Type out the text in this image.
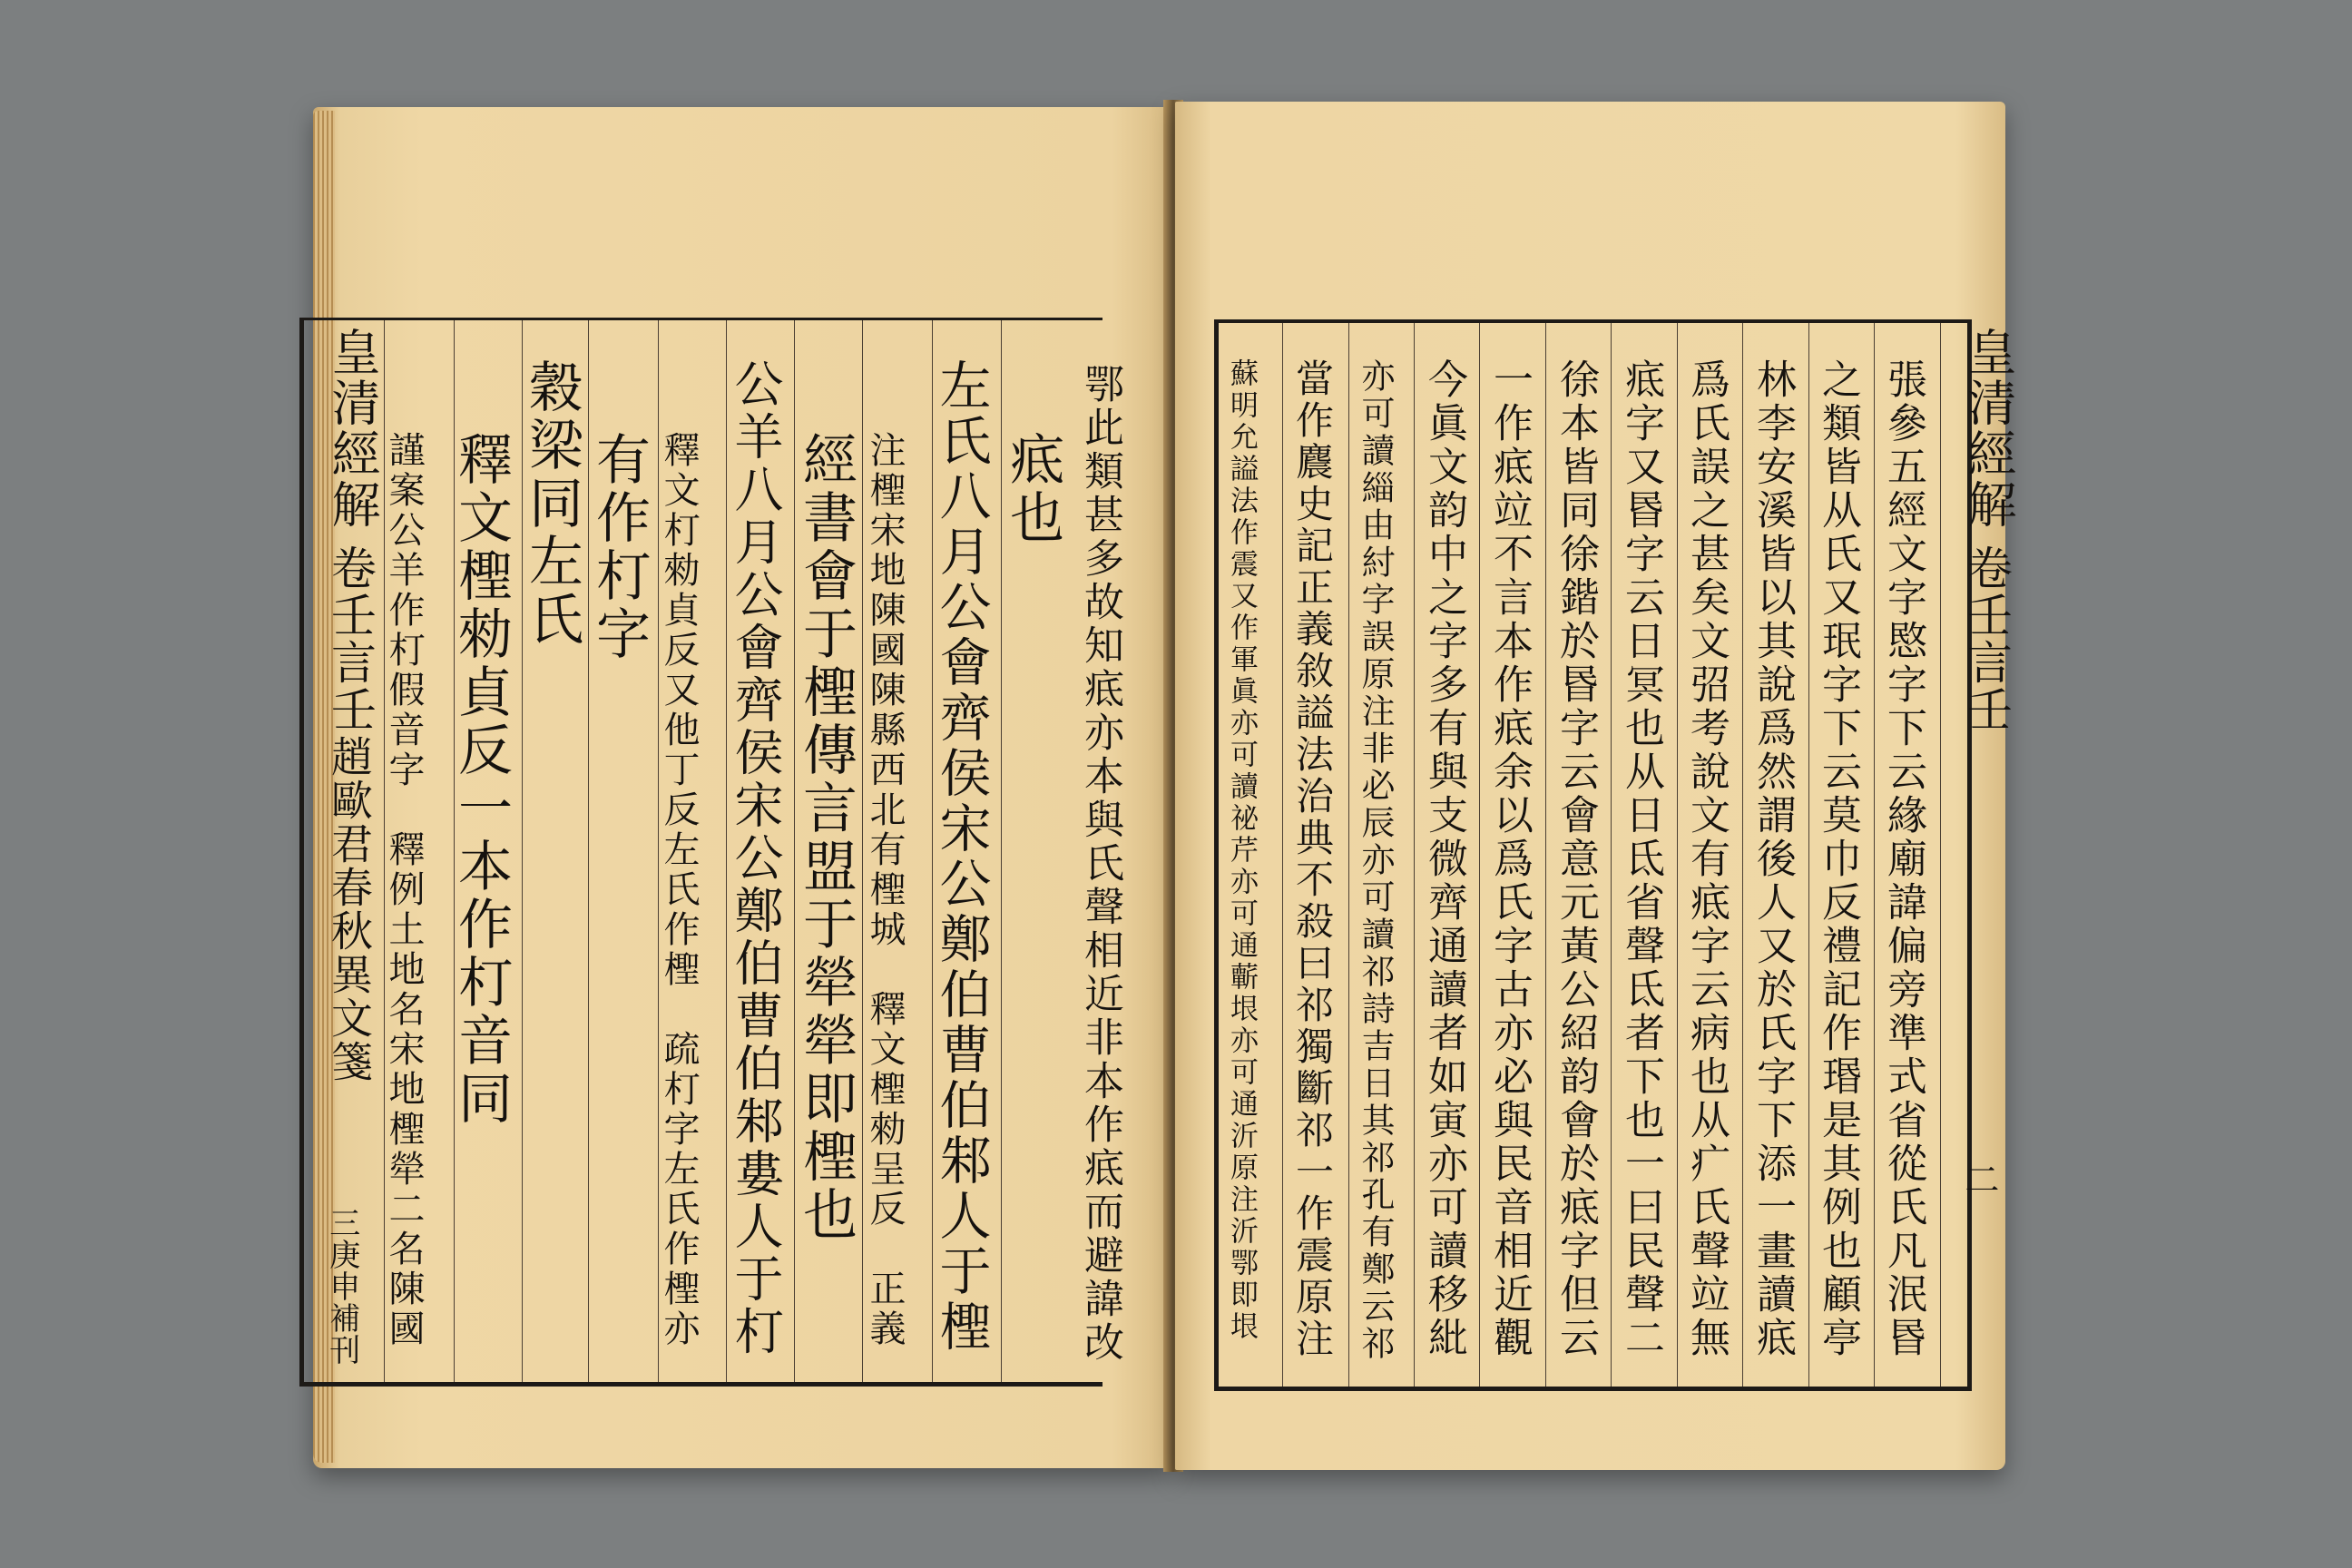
皇清經解
卷壬言壬
趙歐君春秋異文箋
三庚申補刊	鄂此類甚多故知疷亦本與氏聲相近非本作疷而避諱改
疷也
左氏八月公會齊侯宋公鄭伯曹伯邾人于檉
注檉宋地陳國陳縣西北有檉城　釋文檉勑呈反　正義
經書會于檉傳言盟于犖犖即檉也
公羊八月公會齊侯宋公鄭伯曹伯邾婁人于朾
釋文朾勑貞反又他丁反左氏作檉　疏朾字左氏作檉亦
有作朾字
穀梁同左氏
釋文檉勑貞反一本作朾音同
謹案公羊作朾假音字　釋例土地名宋地檉犖二名陳國
皇清經解
卷壬言壬
二
張參五經文字愍字下云緣廟諱偏旁準式省從氏凡泯昬
之類皆从氏又珉字下云莫巾反禮記作瑉是其例也顧亭
林李安溪皆以其說爲然謂後人又於氏字下添一畫讀疷
爲氏誤之甚矣文弨考說文有疷字云病也从疒氏聲竝無
疷字又昬字云日冥也从日氐省聲氐者下也一曰民聲二
徐本皆同徐鍇於昬字云會意元黃公紹韵會於疷字但云
一作疷竝不言本作疷余以爲氏字古亦必與民音相近觀
今眞文韵中之字多有與支微齊通讀者如寅亦可讀移紕
亦可讀緇由紂字誤原注非必辰亦可讀祁詩吉日其祁孔有鄭云祁
當作麎史記正義敘謚法治典不殺曰祁獨斷祁一作震原注
蘇明允謚法作震又作軍眞亦可讀祕芹亦可通蘄垠亦可通沂原注沂鄂即垠
